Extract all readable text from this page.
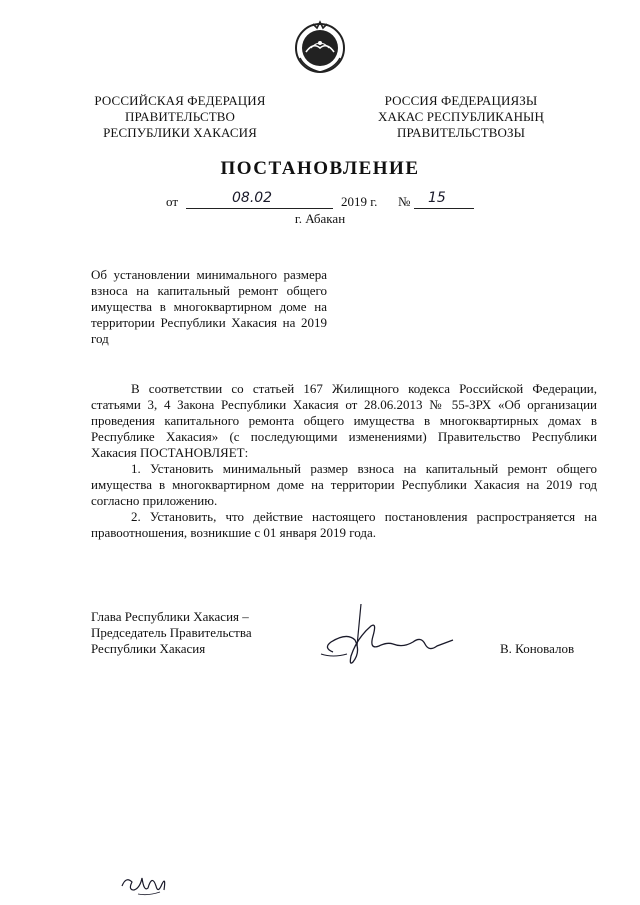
РОССИЙСКАЯ ФЕДЕРАЦИЯ
ПРАВИТЕЛЬСТВО
РЕСПУБЛИКИ ХАКАСИЯ
РОССИЯ ФЕДЕРАЦИЯЗЫ
ХАКАС РЕСПУБЛИКАНЫҢ
ПРАВИТЕЛЬСТВОЗЫ
ПОСТАНОВЛЕНИЕ
от	08.02	2019 г. № 15
г. Абакан
Об установлении минимального размера взноса на капитальный ремонт общего имущества в многоквартирном доме на территории Республики Хакасия на 2019 год

В соответствии со статьей 167 Жилищного кодекса Российской Федерации, статьями 3, 4 Закона Республики Хакасия от 28.06.2013 № 55-ЗРХ «Об организации проведения капитального ремонта общего имущества в многоквартирных домах в Республике Хакасия» (с последующими изменениями) Правительство Республики Хакасия ПОСТАНОВЛЯЕТ:

1. Установить минимальный размер взноса на капитальный ремонт общего имущества в многоквартирном доме на территории Республики Хакасия на 2019 год согласно приложению.

2. Установить, что действие настоящего постановления распространяется на правоотношения, возникшие с 01 января 2019 года.

Глава Республики Хакасия –
Председатель Правительства
Республики Хакасия	В. Коновалов
